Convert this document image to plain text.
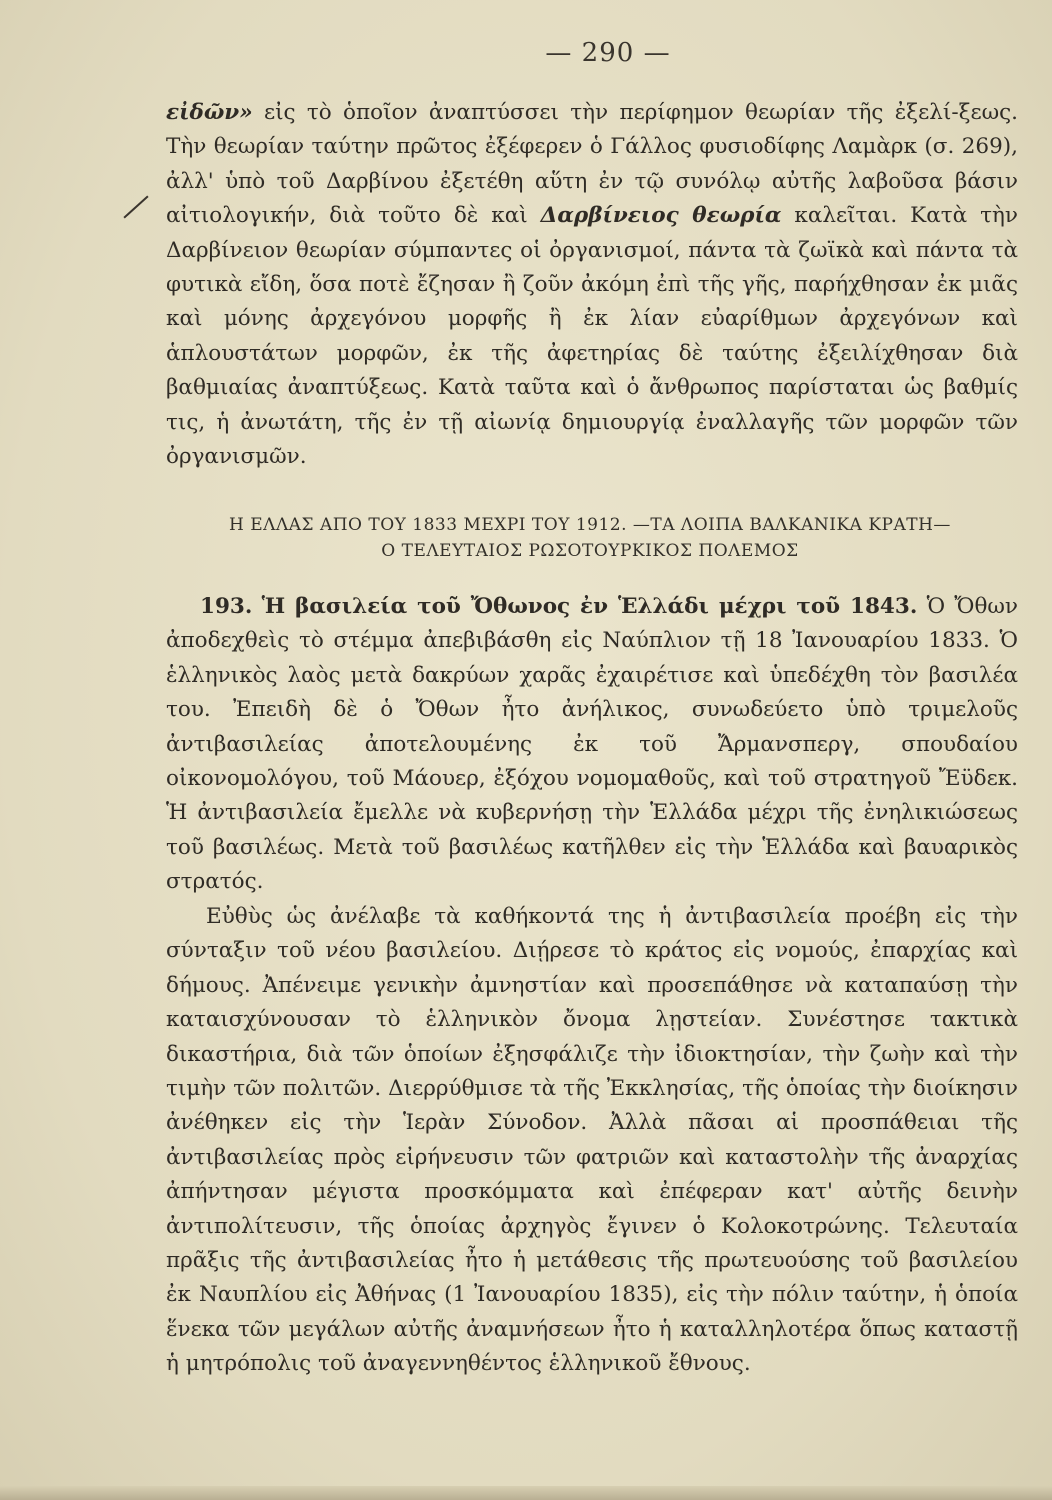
— 290 —

εἰδῶν» εἰς τὸ ὁποῖον ἀναπτύσσει τὴν περίφημον θεωρίαν τῆς ἐξελί-ξεως. Τὴν θεωρίαν ταύτην πρῶτος ἐξέφερεν ὁ Γάλλος φυσιοδίφης Λαμὰρκ (σ. 269), ἀλλ' ὑπὸ τοῦ Δαρβίνου ἐξετέθη αὕτη ἐν τῷ συνόλῳ αὐτῆς λαβοῦσα βάσιν αἰτιολογικήν, διὰ τοῦτο δὲ καὶ Δαρβίνειος θεωρία καλεῖται. Κατὰ τὴν Δαρβίνειον θεωρίαν σύμπαντες οἱ ὀργανισμοί, πάντα τὰ ζωϊκὰ καὶ πάντα τὰ φυτικὰ εἴδη, ὅσα ποτὲ ἔζησαν ἢ ζοῦν ἀκόμη ἐπὶ τῆς γῆς, παρήχθησαν ἐκ μιᾶς καὶ μόνης ἀρχεγόνου μορφῆς ἢ ἐκ λίαν εὐαρίθμων ἀρχεγόνων καὶ ἁπλουστάτων μορφῶν, ἐκ τῆς ἀφετηρίας δὲ ταύτης ἐξειλίχθησαν διὰ βαθμιαίας ἀναπτύξεως. Κατὰ ταῦτα καὶ ὁ ἄνθρωπος παρίσταται ὡς βαθμίς τις, ἡ ἀνωτάτη, τῆς ἐν τῇ αἰωνίᾳ δημιουργίᾳ ἐναλλαγῆς τῶν μορφῶν τῶν ὀργανισμῶν.

Η ΕΛΛΑΣ ΑΠΟ ΤΟΥ 1833 ΜΕΧΡΙ ΤΟΥ 1912. —ΤΑ ΛΟΙΠΑ ΒΑΛΚΑΝΙΚΑ ΚΡΑΤΗ—
Ο ΤΕΛΕΥΤΑΙΟΣ ΡΩΣΟΤΟΥΡΚΙΚΟΣ ΠΟΛΕΜΟΣ

193. Ἡ βασιλεία τοῦ Ὄθωνος ἐν Ἑλλάδι μέχρι τοῦ 1843. Ὁ Ὄθων ἀποδεχθεὶς τὸ στέμμα ἀπεβιβάσθη εἰς Ναύπλιον τῇ 18 Ἰανουαρίου 1833. Ὁ ἑλληνικὸς λαὸς μετὰ δακρύων χαρᾶς ἐχαιρέτισε καὶ ὑπεδέχθη τὸν βασιλέα του. Ἐπειδὴ δὲ ὁ Ὄθων ἦτο ἀνήλικος, συνωδεύετο ὑπὸ τριμελοῦς ἀντιβασιλείας ἀποτελουμένης ἐκ τοῦ Ἄρμανσπεργ, σπουδαίου οἰκονομολόγου, τοῦ Μάουερ, ἐξόχου νομομαθοῦς, καὶ τοῦ στρατηγοῦ Ἔϋδεκ. Ἡ ἀντιβασιλεία ἔμελλε νὰ κυβερνήσῃ τὴν Ἑλλάδα μέχρι τῆς ἐνηλικιώσεως τοῦ βασιλέως. Μετὰ τοῦ βασιλέως κατῆλθεν εἰς τὴν Ἑλλάδα καὶ βαυαρικὸς στρατός.

Εὐθὺς ὡς ἀνέλαβε τὰ καθήκοντά της ἡ ἀντιβασιλεία προέβη εἰς τὴν σύνταξιν τοῦ νέου βασιλείου. Διῄρεσε τὸ κράτος εἰς νομούς, ἐπαρχίας καὶ δήμους. Ἀπένειμε γενικὴν ἀμνηστίαν καὶ προσεπάθησε νὰ καταπαύσῃ τὴν καταισχύνουσαν τὸ ἑλληνικὸν ὄνομα λῃστείαν. Συνέστησε τακτικὰ δικαστήρια, διὰ τῶν ὁποίων ἐξησφάλιζε τὴν ἰδιοκτησίαν, τὴν ζωὴν καὶ τὴν τιμὴν τῶν πολιτῶν. Διερρύθμισε τὰ τῆς Ἐκκλησίας, τῆς ὁποίας τὴν διοίκησιν ἀνέθηκεν εἰς τὴν Ἱερὰν Σύνοδον. Ἀλλὰ πᾶσαι αἱ προσπάθειαι τῆς ἀντιβασιλείας πρὸς εἰρήνευσιν τῶν φατριῶν καὶ καταστολὴν τῆς ἀναρχίας ἀπήντησαν μέγιστα προσκόμματα καὶ ἐπέφεραν κατ' αὐτῆς δεινὴν ἀντιπολίτευσιν, τῆς ὁποίας ἀρχηγὸς ἔγινεν ὁ Κολοκοτρώνης. Τελευταία πρᾶξις τῆς ἀντιβασιλείας ἦτο ἡ μετάθεσις τῆς πρωτευούσης τοῦ βασιλείου ἐκ Ναυπλίου εἰς Ἀθήνας (1 Ἰανουαρίου 1835), εἰς τὴν πόλιν ταύτην, ἡ ὁποία ἕνεκα τῶν μεγάλων αὐτῆς ἀναμνήσεων ἦτο ἡ καταλληλοτέρα ὅπως καταστῇ ἡ μητρόπολις τοῦ ἀναγεννηθέντος ἑλληνικοῦ ἔθνους.
